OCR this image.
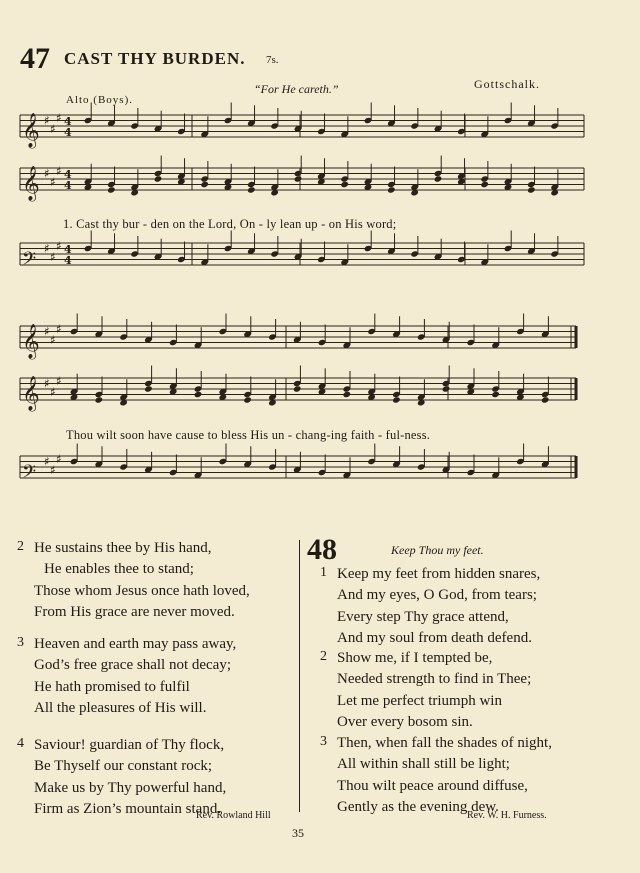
47 CAST THY BURDEN. 7s.
“For He careth.”	Gottschalk.
Alto (Boys).
𝄞 ♯
♯
♯ 4
4
𝄞 ♯
♯
♯ 4
4
𝄢
♯
♯
♯ 4
4
𝄞 ♯
♯
♯
𝄞 ♯
♯
♯
𝄢
♯
♯
♯
1. Cast thy bur - den on the Lord, On - ly lean up - on His word;
Thou wilt soon have cause to bless His un - chang-ing faith - ful-ness.
2 He sustains thee by His hand,
He enables thee to stand;
Those whom Jesus once hath loved,
From His grace are never moved.
3 Heaven and earth may pass away,
God’s free grace shall not decay;
He hath promised to fulfil
All the pleasures of His will.
4 Saviour! guardian of Thy flock,
Be Thyself our constant rock;
Make us by Thy powerful hand,
Firm as Zion’s mountain stand.
Rev. Rowland Hill
48	Keep Thou my feet.
1 Keep my feet from hidden snares,
And my eyes, O God, from tears;
Every step Thy grace attend,
And my soul from death defend.
2 Show me, if I tempted be,
Needed strength to find in Thee;
Let me perfect triumph win
Over every bosom sin.
3 Then, when fall the shades of night,
All within shall still be light;
Thou wilt peace around diffuse,
Gently as the evening dew.
Rev. W. H. Furness.
35
